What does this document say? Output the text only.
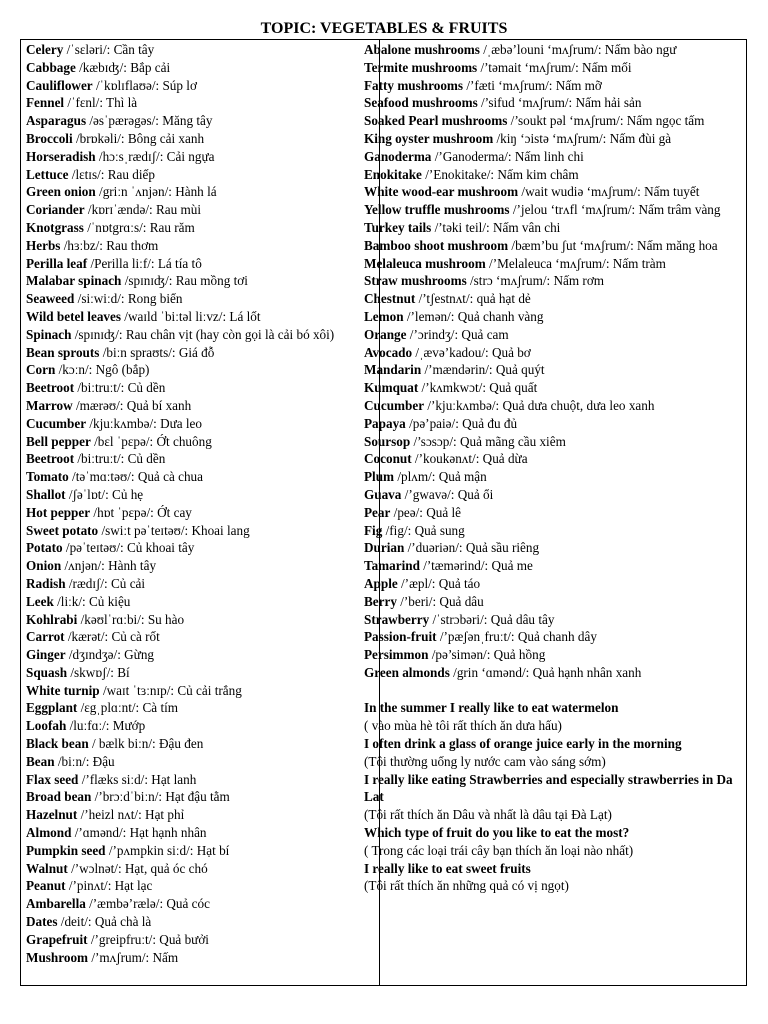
TOPIC: VEGETABLES & FRUITS
Celery /ˈsɛləri/: Cần tây
Cabbage /kæbɪʤ/: Bắp cải
Cauliflower /ˈkɒlɪflaʊə/: Súp lơ
Fennel /ˈfɛnl/: Thì là
Asparagus /əsˈpærəgəs/: Măng tây
Broccoli /brɒkəli/: Bông cải xanh
Horseradish /hɔːsˌrædɪʃ/: Cải ngựa
Lettuce /lɛtɪs/: Rau diếp
Green onion /griːn ˈʌnjən/: Hành lá
Coriander /kɒrɪˈændə/: Rau mùi
Knotgrass /ˈnɒtgrɑːs/: Rau răm
Herbs /hɜːbz/: Rau thơm
Perilla leaf /Perilla liːf/: Lá tía tô
Malabar spinach /spɪnɪʤ/: Rau mồng tơi
Seaweed /siːwiːd/: Rong biển
Wild betel leaves /waɪld ˈbiːtəl liːvz/: Lá lốt
Spinach /spɪnɪʤ/: Rau chân vịt (hay còn gọi là cải bó xôi)
Bean sprouts /biːn spraʊts/: Giá đỗ
Corn /kɔːn/: Ngô (bắp)
Beetroot /biːtruːt/: Củ dền
Marrow /mærəʊ/: Quả bí xanh
Cucumber /kjuːkʌmbə/: Dưa leo
Bell pepper /bɛl ˈpɛpə/: Ớt chuông
Beetroot /biːtruːt/: Củ dền
Tomato /təˈmɑːtəʊ/: Quả cà chua
Shallot /ʃəˈlɒt/: Củ hẹ
Hot pepper /hɒt ˈpɛpə/: Ớt cay
Sweet potato /swiːt pəˈteɪtəʊ/: Khoai lang
Potato /pəˈteɪtəʊ/: Củ khoai tây
Onion /ʌnjən/: Hành tây
Radish /rædɪʃ/: Củ cải
Leek /liːk/: Củ kiệu
Kohlrabi /kəʊlˈrɑːbi/: Su hào
Carrot /kærət/: Củ cà rốt
Ginger /dʒɪndʒə/: Gừng
Squash /skwɒʃ/: Bí
White turnip /waɪt ˈtɜːnɪp/: Củ cải trắng
Eggplant /ɛgˌplɑːnt/: Cà tím
Loofah /luːfɑː/: Mướp
Black bean / bælk biːn/: Đậu đen
Bean /biːn/: Đậu
Flax seed /’flæks siːd/: Hạt lanh
Broad bean /’brɔːdˈbiːn/: Hạt đậu tằm
Hazelnut /’heizl nʌt/: Hạt phỉ
Almond /’ɑmənd/: Hạt hạnh nhân
Pumpkin seed /’pʌmpkin siːd/: Hạt bí
Walnut /’wɔlnət/: Hạt, quả óc chó
Peanut /’pinʌt/: Hạt lạc
Ambarella /’æmbə’rælə/: Quả cóc
Dates /deit/: Quả chà là
Grapefruit /’greipfruːt/: Quả bưởi
Mushroom /’mʌʃrum/: Nấm
Abalone mushrooms /ˌæbə’louni ‘mʌʃrum/: Nấm bào ngư
Termite mushrooms /’təmait ‘mʌʃrum/: Nấm mối
Fatty mushrooms /’fæti ‘mʌʃrum/: Nấm mỡ
Seafood mushrooms /’sifud ‘mʌʃrum/: Nấm hải sản
Soaked Pearl mushrooms /’soukt pəl ‘mʌʃrum/: Nấm ngọc tấm
King oyster mushroom /kiŋ ‘ɔistə ‘mʌʃrum/: Nấm đùi gà
Ganoderma /’Ganoderma/: Nấm linh chi
Enokitake /’Enokitake/: Nấm kim châm
White wood-ear mushroom /wait wudiə ‘mʌʃrum/: Nấm tuyết
Yellow truffle mushrooms /’jelou ‘trʌfl ‘mʌʃrum/: Nấm trâm vàng
Turkey tails /’təki teil/: Nấm vân chi
Bamboo shoot mushroom /bæm’bu ʃut ‘mʌʃrum/: Nấm măng hoa
Melaleuca mushroom /’Melaleuca ‘mʌʃrum/: Nấm tràm
Straw mushrooms /strɔ ‘mʌʃrum/: Nấm rơm
Chestnut /’tʃestnʌt/: quả hạt dẻ
Lemon /’lemən/: Quả chanh vàng
Orange /’ɔrindʒ/: Quả cam
Avocado /ˌævə’kadou/: Quả bơ
Mandarin /’mændərin/: Quả quýt
Kumquat /’kʌmkwɔt/: Quả quất
Cucumber /’kjuːkʌmbə/: Quả dưa chuột, dưa leo xanh
Papaya /pə’paiə/: Quả đu đủ
Soursop /’sɔsɔp/: Quả mãng cầu xiêm
Coconut /’koukənʌt/: Quả dừa
Plum /plʌm/: Quả mận
Guava /’gwavə/: Quả ổi
Pear /peə/: Quả lê
Fig /fig/: Quả sung
Durian /’duəriən/: Quả sầu riêng
Tamarind /’tæmərind/: Quả me
Apple /’æpl/: Quả táo
Berry /’beri/: Quả dâu
Strawberry /ˈstrɔbəri/: Quả dâu tây
Passion-fruit /’pæʃənˌfruːt/: Quả chanh dây
Persimmon /pə’simən/: Quả hồng
Green almonds /grin ‘ɑmənd/: Quả hạnh nhân xanh
In the summer I really like to eat watermelon
( vào mùa hè tôi rất thích ăn dưa hấu)
I often drink a glass of orange juice early in the morning
(Tôi thường uống ly nước cam vào sáng sớm)
I really like eating Strawberries and especially strawberries in Da Lat
(Tôi rất thích ăn Dâu và nhất là dâu tại Đà Lạt)
Which type of fruit do you like to eat the most?
( Trong các loại trái cây bạn thích ăn loại nào nhất)
I really like to eat sweet fruits
(Tôi rất thích ăn những quả có vị ngọt)
